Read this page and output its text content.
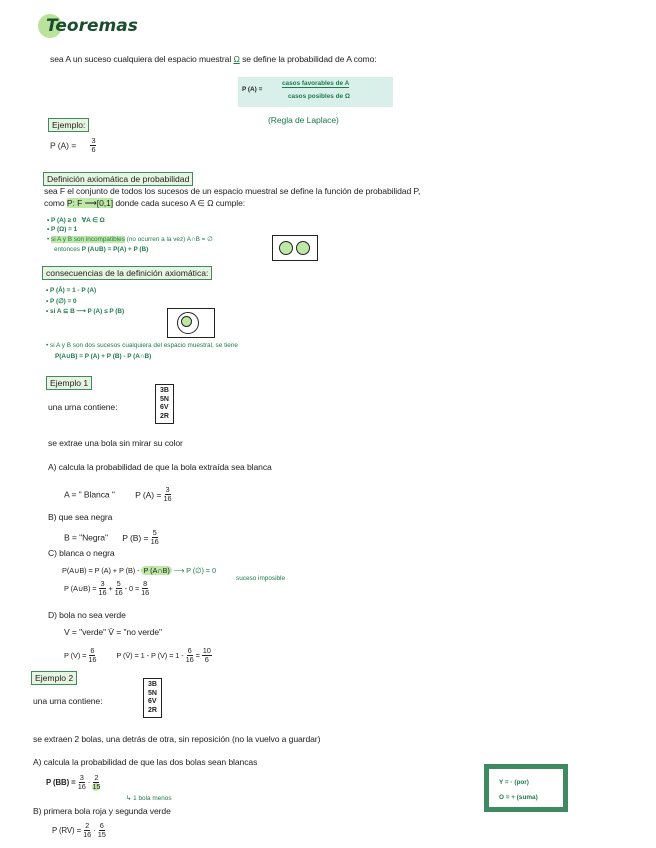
Teoremas
sea A un suceso cualquiera del espacio muestral Ω se define la probabilidad de A como:
P (A) =
casos favorables de A
casos posibles de Ω
(Regla de Laplace)
Ejemplo:
P $(A) = \frac{3}{6}$
Definición axiomática de probabilidad
sea F el conjunto de todos los sucesos de un espacio muestral se define la función de probabilidad P,
como P: F ⟶[0,1] donde cada suceso A ∈ Ω cumple:
• P (A) ≥ 0 ∀A ∈ Ω
• P (Ω) = 1
• si A y B son incompatibles (no ocurren a la vez) A∩B = ∅
entonces P (A∪B) = P(A) + P (B)
consecuencias de la definición axiomática:
• P (Ā) = 1 - P (A)
• P (∅) = 0
• si A ⊆ B ⟶ P (A) ≤ P (B)
• si A y B son dos sucesos cualquiera del espacio muestral, se tiene
P(A∪B) = P (A) + P (B) - P (A∩B)
Ejemplo 1
una urna contiene:
3B
5N
6V
2R
se extrae una bola sin mirar su color
A) calcula la probabilidad de que la bola extraída sea blanca
A = " Blanca " P $(A) = \frac{3}{16}$
B) que sea negra
B = "Negra" P $(B) = \frac{5}{16}$
C) blanca o negra
P(A∪B) = P (A) + P (B) - P (A∩B) ⟶ P (∅) = 0
suceso imposible
P (A∪B) = $\frac{3}{16} + \frac{5}{16} - 0 = \frac{8}{16}$
D) bola no sea verde
V = "verde" V̄ = "no verde"
P $(V) = \frac{6}{16}$	P (V̄) = 1 - P $(V) = 1 - \frac{6}{16} = \frac{10}{6}$
Ejemplo 2
una urna contiene:
3B
5N
6V
2R
se extraen 2 bolas, una detrás de otra, sin reposición (no la vuelvo a guardar)
A) calcula la probabilidad de que las dos bolas sean blancas
P $(BB) = \frac{3}{16} \cdot \frac{2}{15}$
↳ 1 bola menos
B) primera bola roja y segunda verde
P $(RV) = \frac{2}{16} \cdot \frac{6}{15}$
Y = · (por)
O = + (suma)
